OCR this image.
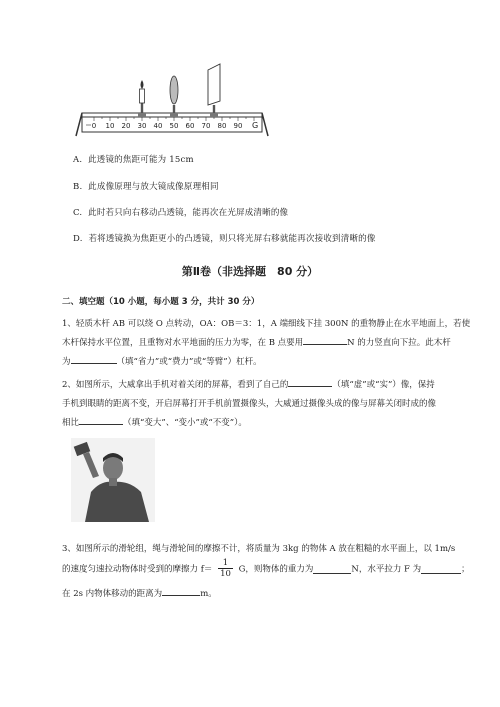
0 10 20 30 40 50 60 70 80 90 G
A. 此透镜的焦距可能为 15cm
B. 此成像原理与放大镜成像原理相同
C. 此时若只向右移动凸透镜，能再次在光屏成清晰的像
D. 若将透镜换为焦距更小的凸透镜，则只将光屏右移就能再次接收到清晰的像
第Ⅱ卷（非选择题　80 分）
二、填空题（10 小题，每小题 3 分，共计 30 分）
1、轻质木杆 AB 可以绕 O 点转动，OA：OB＝3：1，A 端细线下挂 300N 的重物静止在水平地面上，若使
木杆保持水平位置，且重物对水平地面的压力为零，在 B 点要用	N 的力竖直向下拉。此木杆
为	（填“省力”或“费力”或“等臂”）杠杆。
2、如图所示，大威拿出手机对着关闭的屏幕，看到了自己的	（填“虚”或“实”）像，保持
手机到眼睛的距离不变，开启屏幕打开手机前置摄像头，大威通过摄像头成的像与屏幕关闭时成的像
相比	（填“变大”、“变小”或“不变”）。
3、如图所示的滑轮组，绳与滑轮间的摩擦不计，将质量为 3kg 的物体 A 放在粗糙的水平面上，以 1m/s
的速度匀速拉动物体时受到的摩擦力 $f= \frac{1}{10}$ G，则物体的重力为	N，水平拉力 F 为	；
在 2s 内物体移动的距离为	m。
